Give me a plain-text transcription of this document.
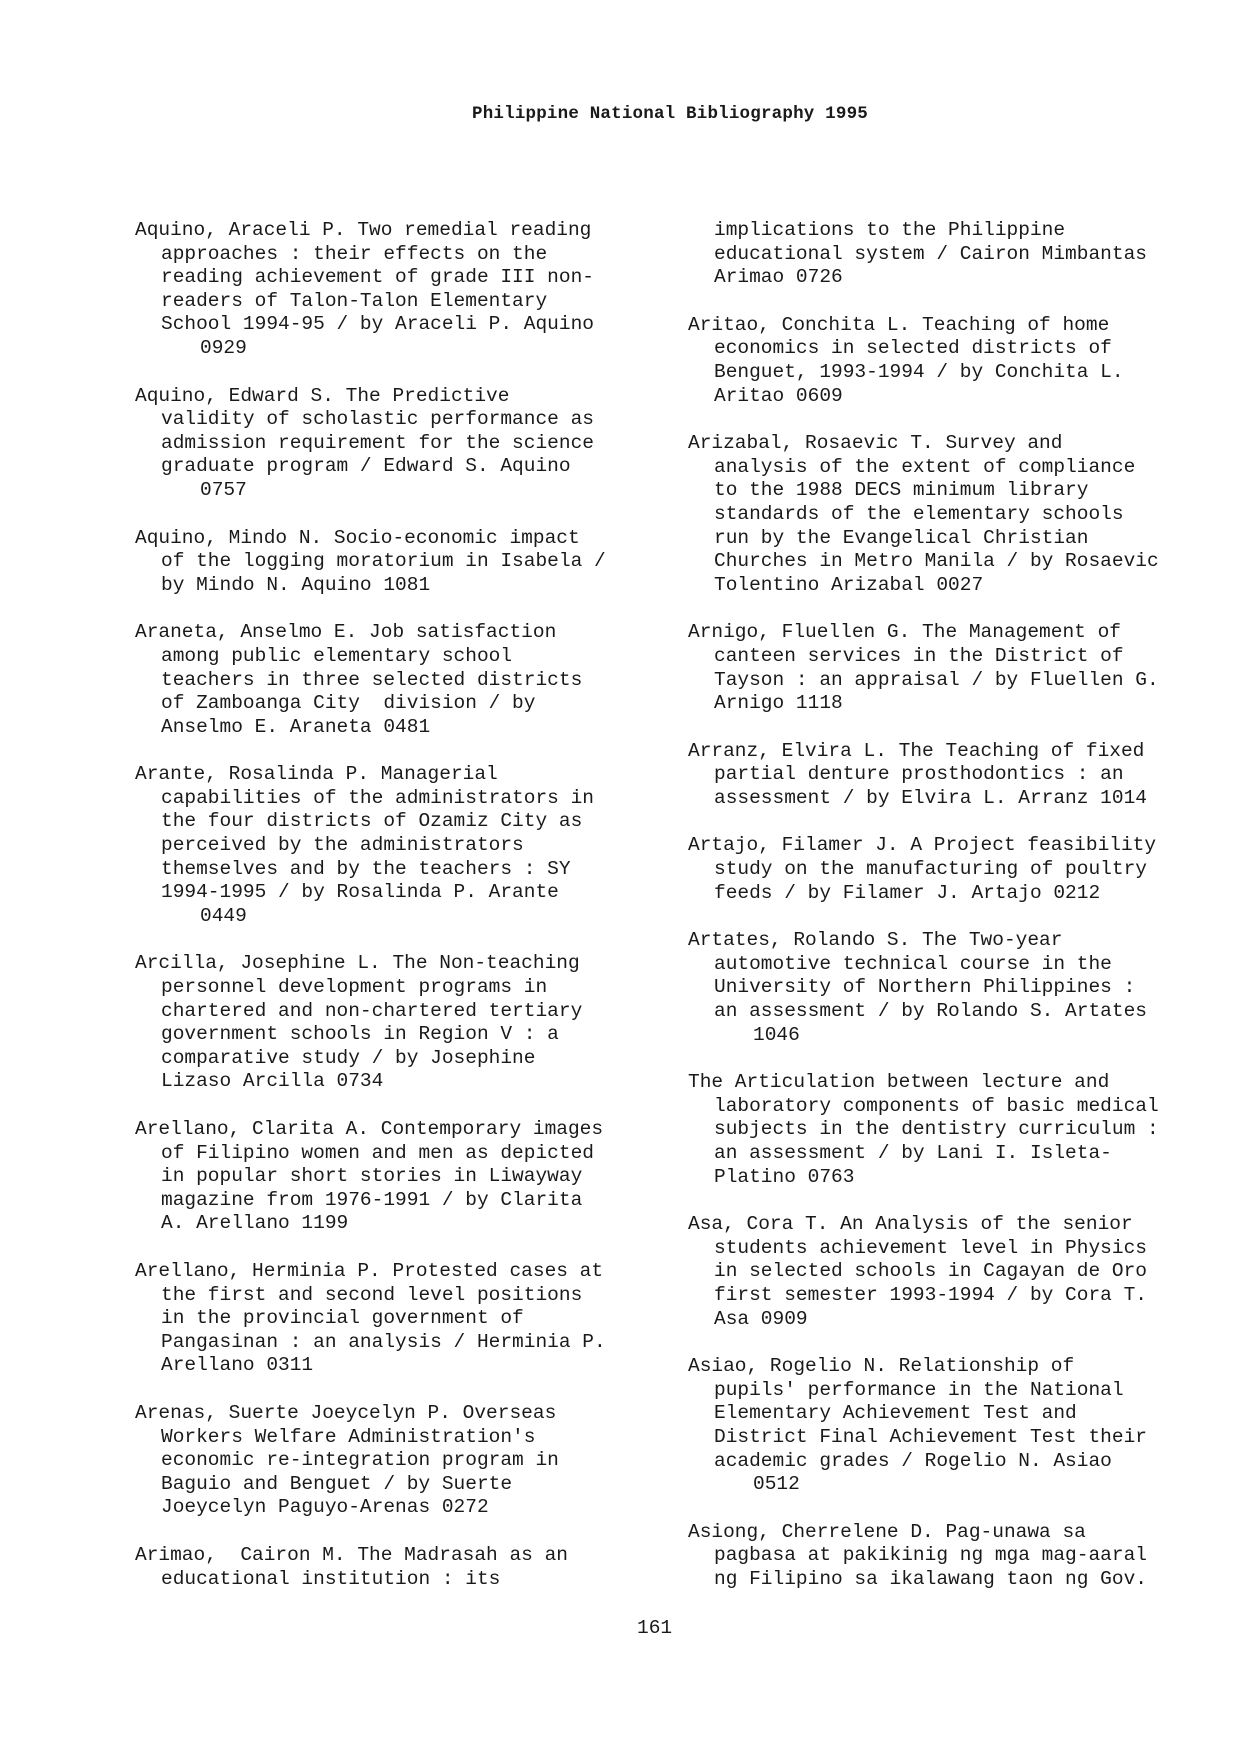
Philippine National Bibliography 1995
Aquino, Araceli P. Two remedial reading
approaches : their effects on the
reading achievement of grade III non-
readers of Talon-Talon Elementary
School 1994-95 / by Araceli P. Aquino
0929
Aquino, Edward S. The Predictive
validity of scholastic performance as
admission requirement for the science
graduate program / Edward S. Aquino
0757
Aquino, Mindo N. Socio-economic impact
of the logging moratorium in Isabela /
by Mindo N. Aquino 1081
Araneta, Anselmo E. Job satisfaction
among public elementary school
teachers in three selected districts
of Zamboanga City  division / by
Anselmo E. Araneta 0481
Arante, Rosalinda P. Managerial
capabilities of the administrators in
the four districts of Ozamiz City as
perceived by the administrators
themselves and by the teachers : SY
1994-1995 / by Rosalinda P. Arante
0449
Arcilla, Josephine L. The Non-teaching
personnel development programs in
chartered and non-chartered tertiary
government schools in Region V : a
comparative study / by Josephine
Lizaso Arcilla 0734
Arellano, Clarita A. Contemporary images
of Filipino women and men as depicted
in popular short stories in Liwayway
magazine from 1976-1991 / by Clarita
A. Arellano 1199
Arellano, Herminia P. Protested cases at
the first and second level positions
in the provincial government of
Pangasinan : an analysis / Herminia P.
Arellano 0311
Arenas, Suerte Joeycelyn P. Overseas
Workers Welfare Administration's
economic re-integration program in
Baguio and Benguet / by Suerte
Joeycelyn Paguyo-Arenas 0272
Arimao,  Cairon M. The Madrasah as an
educational institution : its
implications to the Philippine
educational system / Cairon Mimbantas
Arimao 0726
Aritao, Conchita L. Teaching of home
economics in selected districts of
Benguet, 1993-1994 / by Conchita L.
Aritao 0609
Arizabal, Rosaevic T. Survey and
analysis of the extent of compliance
to the 1988 DECS minimum library
standards of the elementary schools
run by the Evangelical Christian
Churches in Metro Manila / by Rosaevic
Tolentino Arizabal 0027
Arnigo, Fluellen G. The Management of
canteen services in the District of
Tayson : an appraisal / by Fluellen G.
Arnigo 1118
Arranz, Elvira L. The Teaching of fixed
partial denture prosthodontics : an
assessment / by Elvira L. Arranz 1014
Artajo, Filamer J. A Project feasibility
study on the manufacturing of poultry
feeds / by Filamer J. Artajo 0212
Artates, Rolando S. The Two-year
automotive technical course in the
University of Northern Philippines :
an assessment / by Rolando S. Artates
1046
The Articulation between lecture and
laboratory components of basic medical
subjects in the dentistry curriculum :
an assessment / by Lani I. Isleta-
Platino 0763
Asa, Cora T. An Analysis of the senior
students achievement level in Physics
in selected schools in Cagayan de Oro
first semester 1993-1994 / by Cora T.
Asa 0909
Asiao, Rogelio N. Relationship of
pupils' performance in the National
Elementary Achievement Test and
District Final Achievement Test their
academic grades / Rogelio N. Asiao
0512
Asiong, Cherrelene D. Pag-unawa sa
pagbasa at pakikinig ng mga mag-aaral
ng Filipino sa ikalawang taon ng Gov.
161
